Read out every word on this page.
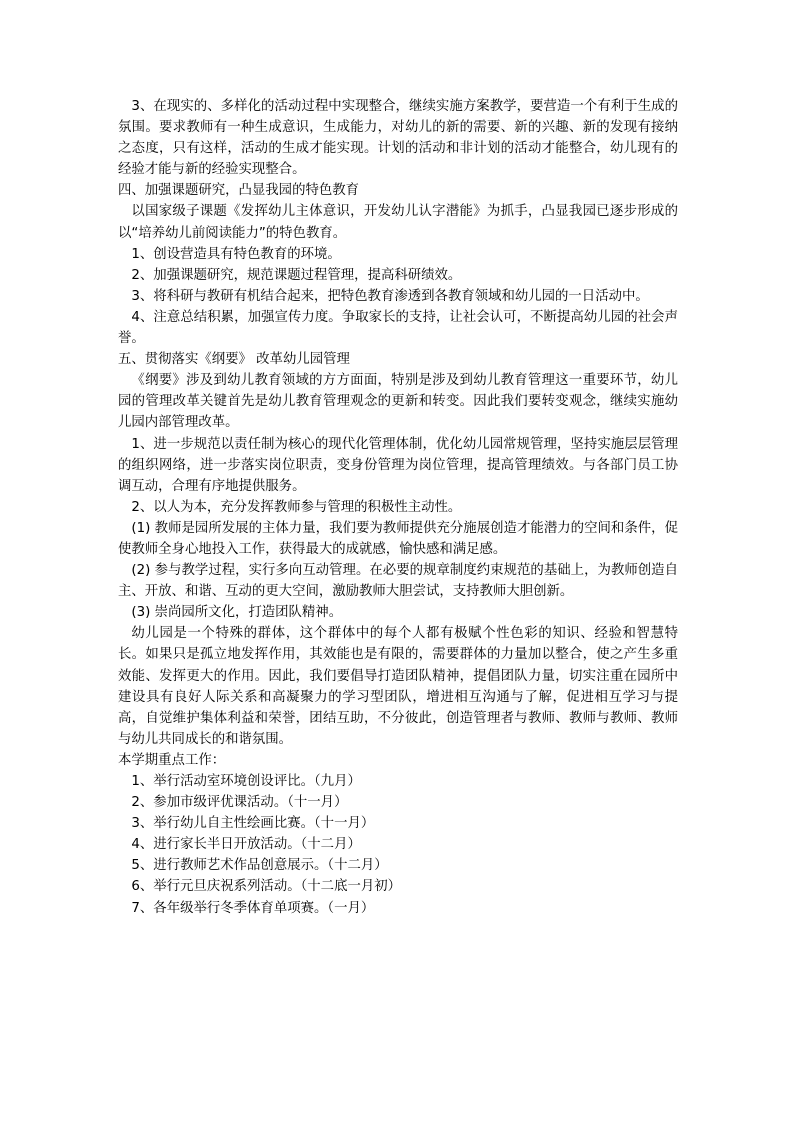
3、在现实的、多样化的活动过程中实现整合，继续实施方案教学，要营造一个有利于生成的氛围。要求教师有一种生成意识，生成能力，对幼儿的新的需要、新的兴趣、新的发现有接纳之态度，只有这样，活动的生成才能实现。计划的活动和非计划的活动才能整合，幼儿现有的经验才能与新的经验实现整合。

四、加强课题研究，凸显我园的特色教育

以国家级子课题《发挥幼儿主体意识，开发幼儿认字潜能》为抓手，凸显我园已逐步形成的以“培养幼儿前阅读能力”的特色教育。

1、创设营造具有特色教育的环境。

2、加强课题研究，规范课题过程管理，提高科研绩效。

3、将科研与教研有机结合起来，把特色教育渗透到各教育领域和幼儿园的一日活动中。

4、注意总结积累，加强宣传力度。争取家长的支持，让社会认可，不断提高幼儿园的社会声誉。

五、贯彻落实《纲要》 改革幼儿园管理

《纲要》涉及到幼儿教育领域的方方面面，特别是涉及到幼儿教育管理这一重要环节，幼儿园的管理改革关键首先是幼儿教育管理观念的更新和转变。因此我们要转变观念，继续实施幼儿园内部管理改革。

1、进一步规范以责任制为核心的现代化管理体制，优化幼儿园常规管理，坚持实施层层管理的组织网络，进一步落实岗位职责，变身份管理为岗位管理，提高管理绩效。与各部门员工协调互动，合理有序地提供服务。

2、以人为本，充分发挥教师参与管理的积极性主动性。

(1) 教师是园所发展的主体力量，我们要为教师提供充分施展创造才能潜力的空间和条件，促使教师全身心地投入工作，获得最大的成就感，愉快感和满足感。

(2) 参与教学过程，实行多向互动管理。在必要的规章制度约束规范的基础上，为教师创造自主、开放、和谐、互动的更大空间，激励教师大胆尝试，支持教师大胆创新。

(3) 崇尚园所文化，打造团队精神。

幼儿园是一个特殊的群体，这个群体中的每个人都有极赋个性色彩的知识、经验和智慧特长。如果只是孤立地发挥作用，其效能也是有限的，需要群体的力量加以整合，使之产生多重效能、发挥更大的作用。因此，我们要倡导打造团队精神，提倡团队力量，切实注重在园所中建设具有良好人际关系和高凝聚力的学习型团队，增进相互沟通与了解，促进相互学习与提高，自觉维护集体利益和荣誉，团结互助，不分彼此，创造管理者与教师、教师与教师、教师与幼儿共同成长的和谐氛围。

本学期重点工作：

1、举行活动室环境创设评比。（九月）

2、参加市级评优课活动。（十一月）

3、举行幼儿自主性绘画比赛。（十一月）

4、进行家长半日开放活动。（十二月）

5、进行教师艺术作品创意展示。（十二月）

6、举行元旦庆祝系列活动。（十二底一月初）

7、各年级举行冬季体育单项赛。（一月）
